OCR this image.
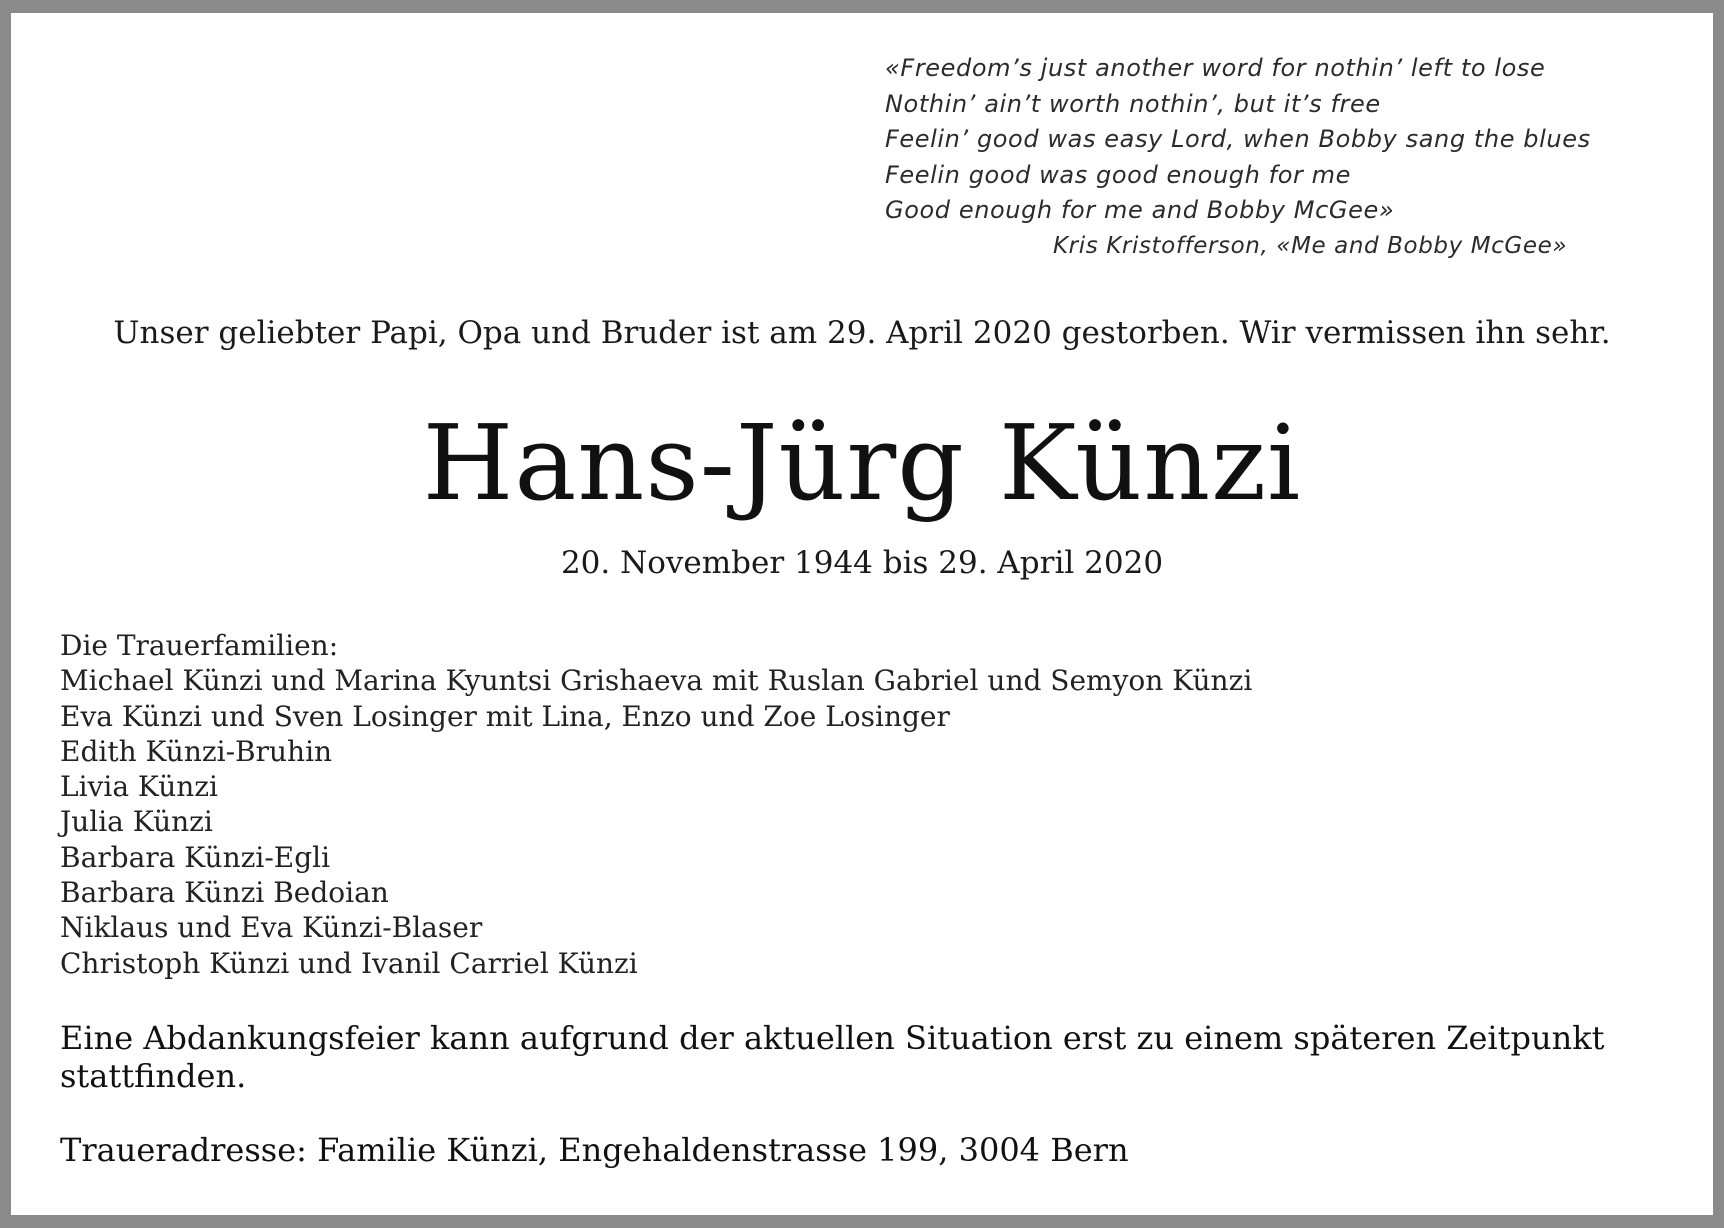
«Freedom’s just another word for nothin’ left to lose
Nothin’ ain’t worth nothin’, but it’s free
Feelin’ good was easy Lord, when Bobby sang the blues
Feelin good was good enough for me
Good enough for me and Bobby McGee»
Kris Kristofferson, «Me and Bobby McGee»
Unser geliebter Papi, Opa und Bruder ist am 29. April 2020 gestorben. Wir vermissen ihn sehr.
Hans-Jürg Künzi
20. November 1944 bis 29. April 2020
Die Trauerfamilien:
Michael Künzi und Marina Kyuntsi Grishaeva mit Ruslan Gabriel und Semyon Künzi
Eva Künzi und Sven Losinger mit Lina, Enzo und Zoe Losinger
Edith Künzi-Bruhin
Livia Künzi
Julia Künzi
Barbara Künzi-Egli
Barbara Künzi Bedoian
Niklaus und Eva Künzi-Blaser
Christoph Künzi und Ivanil Carriel Künzi
Eine Abdankungsfeier kann aufgrund der aktuellen Situation erst zu einem späteren Zeitpunkt stattfinden.
Traueradresse: Familie Künzi, Engehaldenstrasse 199, 3004 Bern
